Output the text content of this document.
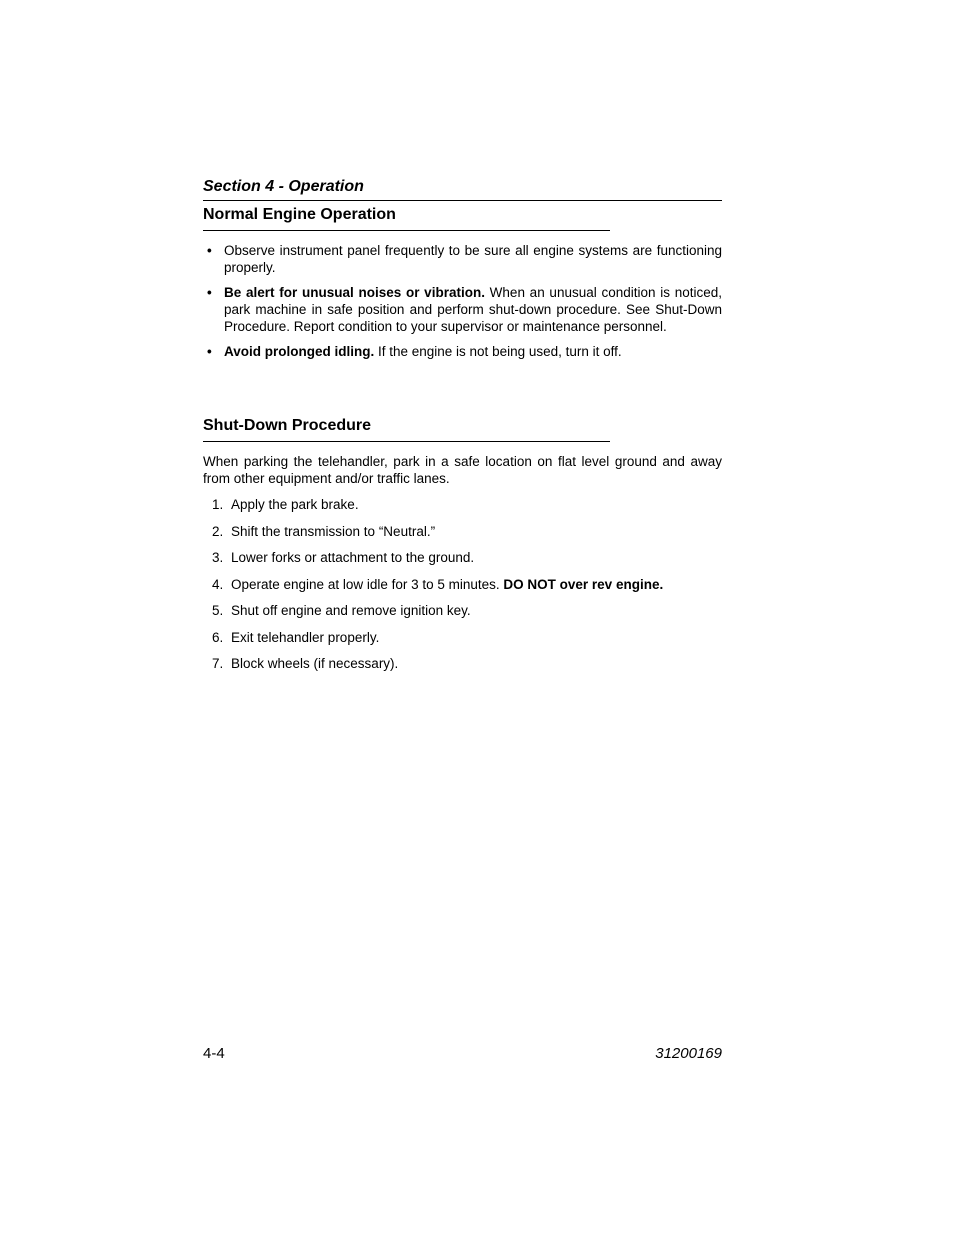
Section 4 - Operation
Normal Engine Operation
• Observe instrument panel frequently to be sure all engine systems are functioning properly.
• Be alert for unusual noises or vibration. When an unusual condition is noticed, park machine in safe position and perform shut-down procedure. See Shut-Down Procedure. Report condition to your supervisor or maintenance personnel.
• Avoid prolonged idling. If the engine is not being used, turn it off.
Shut-Down Procedure

When parking the telehandler, park in a safe location on flat level ground and away from other equipment and/or traffic lanes.

1. Apply the park brake.
2. Shift the transmission to “Neutral.”
3. Lower forks or attachment to the ground.
4. Operate engine at low idle for 3 to 5 minutes. DO NOT over rev engine.
5. Shut off engine and remove ignition key.
6. Exit telehandler properly.
7. Block wheels (if necessary).
4-4	31200169
